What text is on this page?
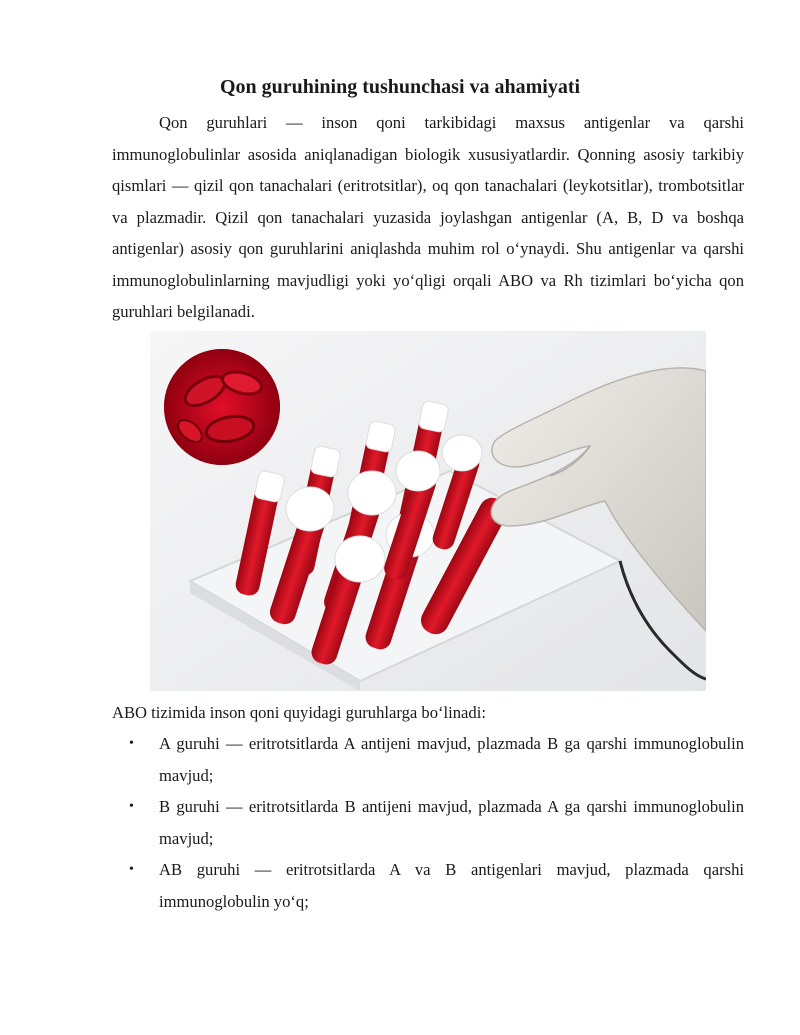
Qon guruhining tushunchasi va ahamiyati

Qon guruhlari — inson qoni tarkibidagi maxsus antigenlar va qarshi immunoglobulinlar asosida aniqlanadigan biologik xususiyatlardir. Qonning asosiy tarkibiy qismlari — qizil qon tanachalari (eritrotsitlar), oq qon tanachalari (leykotsitlar), trombotsitlar va plazmadir. Qizil qon tanachalari yuzasida joylashgan antigenlar (A, B, D va boshqa antigenlar) asosiy qon guruhlarini aniqlashda muhim rol oʻynaydi. Shu antigenlar va qarshi immunoglobulinlarning mavjudligi yoki yoʻqligi orqali ABO va Rh tizimlari boʻyicha qon guruhlari belgilanadi.

ABO tizimida inson qoni quyidagi guruhlarga boʻlinadi:

• A guruhi — eritrotsitlarda A antijeni mavjud, plazmada B ga qarshi immunoglobulin mavjud;
• B guruhi — eritrotsitlarda B antijeni mavjud, plazmada A ga qarshi immunoglobulin mavjud;
• AB guruhi — eritrotsitlarda A va B antigenlari mavjud, plazmada qarshi immunoglobulin yoʻq;
